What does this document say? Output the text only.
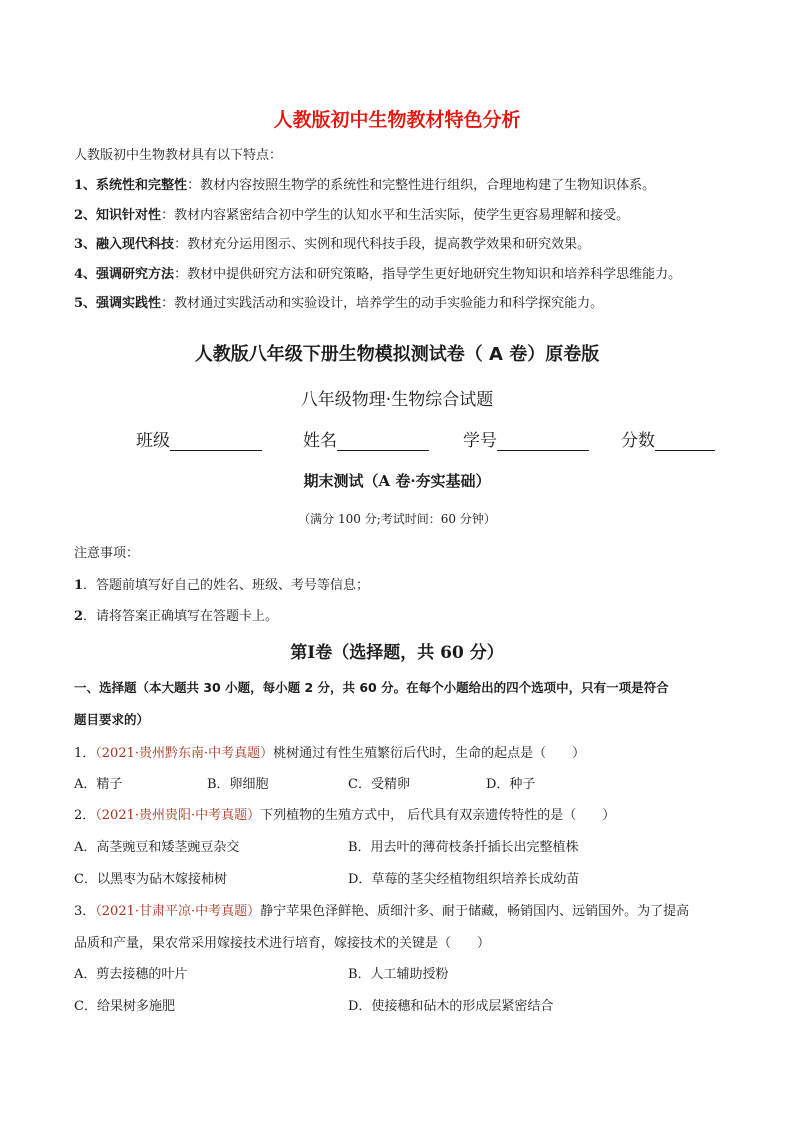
人教版初中生物教材特色分析
人教版初中生物教材具有以下特点：
1、系统性和完整性：教材内容按照生物学的系统性和完整性进行组织，合理地构建了生物知识体系。
2、知识针对性：教材内容紧密结合初中学生的认知水平和生活实际，使学生更容易理解和接受。
3、融入现代科技：教材充分运用图示、实例和现代科技手段，提高教学效果和研究效果。
4、强调研究方法：教材中提供研究方法和研究策略，指导学生更好地研究生物知识和培养科学思维能力。
5、强调实践性：教材通过实践活动和实验设计，培养学生的动手实验能力和科学探究能力。
人教版八年级下册生物模拟测试卷（ A 卷）原卷版
八年级物理·生物综合试题
班级	姓名	学号	分数
期末测试（A 卷·夯实基础）
（满分 100 分;考试时间：60 分钟）
注意事项：
1．答题前填写好自己的姓名、班级、考号等信息；
2．请将答案正确填写在答题卡上。
第Ⅰ卷（选择题，共 60 分）
一、选择题（本大题共 30 小题，每小题 2 分，共 60 分。在每个小题给出的四个选项中，只有一项是符合
题目要求的）
1．（2021·贵州黔东南·中考真题）桃树通过有性生殖繁衍后代时，生命的起点是（　　）
A．精子	B．卵细胞	C．受精卵	D．种子
2．（2021·贵州贵阳·中考真题）下列植物的生殖方式中， 后代具有双亲遗传特性的是（　　）
A．高茎豌豆和矮茎豌豆杂交	B．用去叶的薄荷枝条扦插长出完整植株
C．以黑枣为砧木嫁接柿树	D．草莓的茎尖经植物组织培养长成幼苗
3．（2021·甘肃平凉·中考真题）静宁苹果色泽鲜艳、质细汁多、耐于储藏，畅销国内、远销国外。为了提高
品质和产量，果农常采用嫁接技术进行培育，嫁接技术的关键是（　　）
A．剪去接穗的叶片	B．人工辅助授粉
C．给果树多施肥	D．使接穗和砧木的形成层紧密结合
